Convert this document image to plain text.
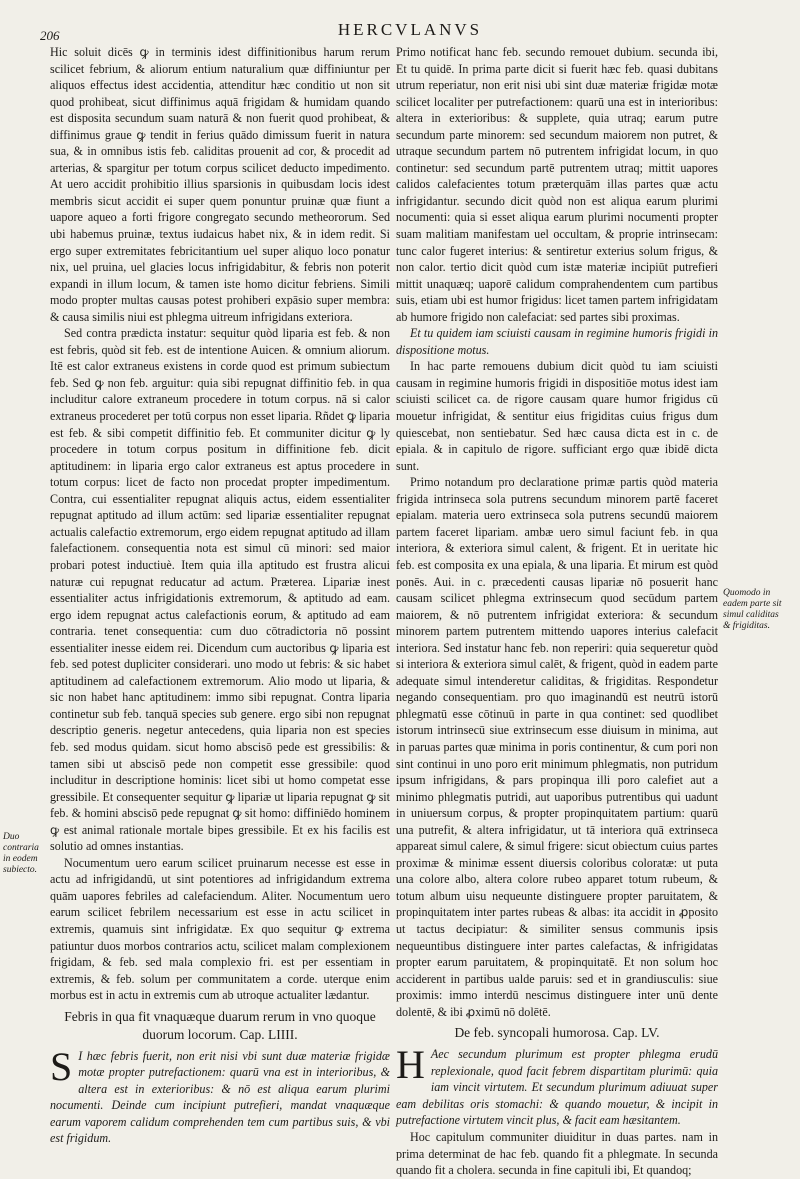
206	HERCVLANVS

Hic soluit dicēs ꝙ in terminis idest diffinitionibus harum rerum scilicet febrium, & aliorum entium naturalium quæ diffiniuntur per aliquos effectus idest accidentia, attenditur hæc conditio ut non sit quod prohibeat, sicut diffinimus aquā frigidam & humidam quando est disposita secundum suam naturā & non fuerit quod prohibeat, & diffinimus graue ꝙ tendit in ferius quādo dimissum fuerit in natura sua, & in omnibus istis feb. caliditas prouenit ad cor, & procedit ad arterias, & spargitur per totum corpus scilicet deducto impedimento. At uero accidit prohibitio illius sparsionis in quibusdam locis idest membris sicut accidit ei super quem ponuntur pruinæ quæ fiunt a uapore aqueo a forti frigore congregato secundo metheororum. Sed ubi habemus pruinæ, textus iudaicus habet nix, & in idem redit. Si ergo super extremitates febricitantium uel super aliquo loco ponatur nix, uel pruina, uel glacies locus infrigidabitur, & febris non poterit expandi in illum locum, & tamen iste homo dicitur febriens. Simili modo propter multas causas potest prohiberi expāsio super membra: & causa similis niui est phlegma uitreum infrigidans exteriora.

Sed contra prædicta instatur: sequitur quòd liparia est feb. & non est febris, quòd sit feb. est de intentione Auicen. & omnium aliorum. Itē est calor extraneus existens in corde quod est primum subiectum feb. Sed ꝙ non feb. arguitur: quia sibi repugnat diffinitio feb. in qua includitur calore extraneum procedere in totum corpus. nā si calor extraneus procederet per totū corpus non esset liparia. Rñdet ꝙ liparia est feb. & sibi competit diffinitio feb. Et communiter dicitur ꝙ ly procedere in totum corpus positum in diffinitione feb. dicit aptitudinem: in liparia ergo calor extraneus est aptus procedere in totum corpus: licet de facto non procedat propter impedimentum. Contra, cui essentialiter repugnat aliquis actus, eidem essentialiter repugnat aptitudo ad illum actūm: sed lipariæ essentialiter repugnat actualis calefactio extremorum, ergo eidem repugnat aptitudo ad illam falefactionem. consequentia nota est simul cū minori: sed maior probari potest inductiuè. Item quia illa aptitudo est frustra alicui naturæ cui repugnat reducatur ad actum. Præterea. Lipariæ inest essentialiter actus infrigidationis extremorum, & aptitudo ad eam. ergo idem repugnat actus calefactionis eorum, & aptitudo ad eam contraria. tenet consequentia: cum duo cōtradictoria nō possint essentialiter inesse eidem rei. Dicendum cum auctoribus ꝙ liparia est feb. sed potest dupliciter considerari. uno modo ut febris: & sic habet aptitudinem ad calefactionem extremorum. Alio modo ut liparia, & sic non habet hanc aptitudinem: immo sibi repugnat. Contra liparia continetur sub feb. tanquā species sub genere. ergo sibi non repugnat descriptio generis. negetur antecedens, quia liparia non est species feb. sed modus quidam. sicut homo abscisō pede est gressibilis: & tamen sibi ut abscisō pede non competit esse gressibile: quod includitur in descriptione hominis: licet sibi ut homo competat esse gressibile. Et consequenter sequitur ꝙ lipariæ ut liparia repugnat ꝙ sit feb. & homini abscisō pede repugnat ꝙ sit homo: diffiniēdo hominem ꝙ est animal rationale mortale bipes gressibile. Et ex his facilis est solutio ad omnes instantias.

Nocumentum uero earum scilicet pruinarum necesse est esse in actu ad infrigidandū, ut sint potentiores ad infrigidandum extrema quām uapores febriles ad calefaciendum. Aliter. Nocumentum uero earum scilicet febrilem necessarium est esse in actu scilicet in extremis, quamuis sint infrigidatæ. Ex quo sequitur ꝙ extrema patiuntur duos morbos contrarios actu, scilicet malam complexionem frigidam, & feb. sed mala complexio fri. est per essentiam in extremis, & feb. solum per communitatem a corde. uterque enim morbus est in actu in extremis cum ab utroque actualiter lædantur.

Febris in qua fit vnaquæque duarum rerum in vno quoque duorum locorum. Cap. LIIII.

S I hæc febris fuerit, non erit nisi vbi sunt duæ materiæ frigidæ motæ propter putrefactionem: quarū vna est in interioribus, & altera est in exterioribus: & nō est aliqua earum plurimi nocumenti. Deinde cum incipiunt putrefieri, mandat vnaquæque earum vaporem calidum comprehenden tem cum partibus suis, & vbi est frigidum.

Primo notificat hanc feb. secundo remouet dubium. secunda ibi, Et tu quidē. In prima parte dicit si fuerit hæc feb. quasi dubitans utrum reperiatur, non erit nisi ubi sint duæ materiæ frigidæ motæ scilicet localiter per putrefactionem: quarū una est in interioribus: altera in exterioribus: & supplete, quia utraq; earum putre secundum parte minorem: sed secundum maiorem non putret, & utraque secundum partem nō putrentem infrigidat locum, in quo continetur: sed secundum partē putrentem utraq; mittit uapores calidos calefacientes totum præterquām illas partes quæ actu infrigidantur. secundo dicit quòd non est aliqua earum plurimi nocumenti: quia si esset aliqua earum plurimi nocumenti propter suam malitiam manifestam uel occultam, & proprie intrinsecam: tunc calor fugeret interius: & sentiretur exterius solum frigus, & non calor. tertio dicit quòd cum istæ materiæ incipiūt putrefieri mittit unaquæq; uaporē calidum comprahendentem cum partibus suis, etiam ubi est humor frigidus: licet tamen partem infrigidatam ab humore frigido non calefaciat: sed partes sibi proximas.

Et tu quidem iam sciuisti causam in regimine humoris frigidi in dispositione motus.

In hac parte remouens dubium dicit quòd tu iam sciuisti causam in regimine humoris frigidi in dispositiōe motus idest iam sciuisti scilicet ca. de rigore causam quare humor frigidus cū mouetur infrigidat, & sentitur eius frigiditas cuius frigus dum quiescebat, non sentiebatur. Sed hæc causa dicta est in c. de epiala. & in capitulo de rigore. sufficiant ergo quæ ibidē dicta sunt.

Primo notandum pro declaratione primæ partis quòd materia frigida intrinseca sola putrens secundum minorem partē faceret epialam. materia uero extrinseca sola putrens secundū maiorem partem faceret lipariam. ambæ uero simul faciunt feb. in qua interiora, & exteriora simul calent, & frigent. Et in ueritate hic feb. est composita ex una epiala, & una liparia. Et mirum est quòd ponēs. Aui. in c. præcedenti causas lipariæ nō posuerit hanc causam scilicet phlegma extrinsecum quod secūdum partem maiorem, & nō putrentem infrigidat exteriora: & secundum minorem partem putrentem mittendo uapores interius calefacit interiora. Sed instatur hanc feb. non reperiri: quia sequeretur quòd si interiora & exteriora simul calēt, & frigent, quòd in eadem parte adequate simul intenderetur caliditas, & frigiditas. Respondetur negando consequentiam. pro quo imaginandū est neutrū istorū phlegmatū esse cōtinuū in parte in qua continet: sed quodlibet istorum intrinsecū siue extrinsecum esse diuisum in minima, aut in paruas partes quæ minima in poris continentur, & cum pori non sint continui in uno poro erit minimum phlegmatis, non putridum ipsum infrigidans, & pars propinqua illi poro calefiet aut a minimo phlegmatis putridi, aut uaporibus putrentibus qui uadunt in uniuersum corpus, & propter propinquitatem partium: quarū una putrefit, & altera infrigidatur, ut tā interiora quā extrinseca appareat simul calere, & simul frigere: sicut obiectum cuius partes proximæ & minimæ essent diuersis coloribus coloratæ: ut puta una colore albo, altera colore rubeo apparet totum rubeum, & totum album uisu nequeunte distinguere propter paruitatem, & propinquitatem inter partes rubeas & albas: ita accidit in ꝓposito ut tactus decipiatur: & similiter sensus communis ipsis nequeuntibus distinguere inter partes calefactas, & infrigidatas propter earum paruitatem, & propinquitatē. Et non solum hoc acciderent in partibus ualde paruis: sed et in grandiusculis: siue proximis: immo interdū nescimus distinguere inter unū dente dolentē, & ibi ꝓximū nō dolētē.

De feb. syncopali humorosa. Cap. LV.

H Aec secundum plurimum est propter phlegma erudū replexionale, quod facit febrem dispartitam plurimū: quia iam vincit virtutem. Et secundum plurimum adiuuat super eam debilitas oris stomachi: & quando mouetur, & incipit in putrefactione virtutem vincit plus, & facit eam hæsitantem.

Hoc capitulum communiter diuiditur in duas partes. nam in prima determinat de hac feb. quando fit a phlegmate. In secunda quando fit a cholera. secunda in fine capituli ibi, Et quandoq;

Duo contraria in eodem subiecto.
Quomodo in eadem parte sit simul caliditas & frigiditas.
